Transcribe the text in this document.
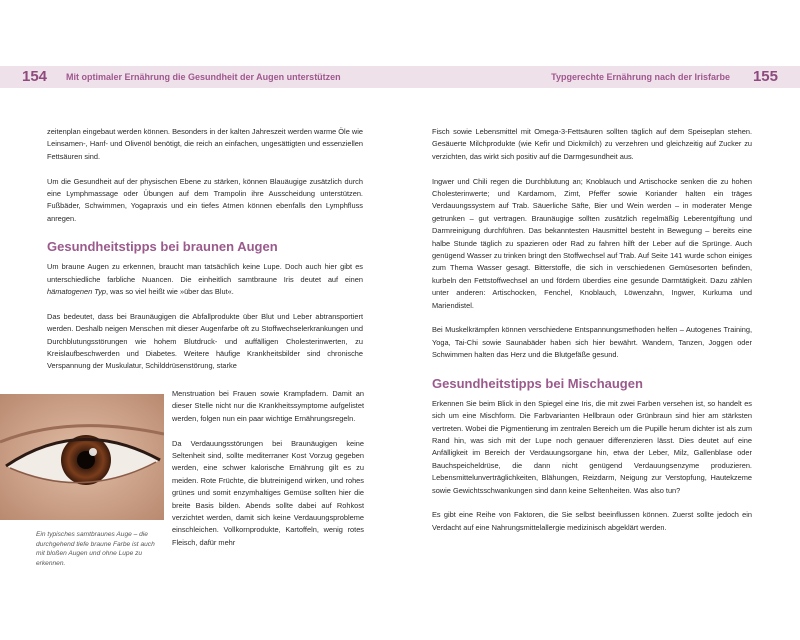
154 Mit optimaler Ernährung die Gesundheit der Augen unterstützen	Typgerechte Ernährung nach der Irisfarbe 155

zeitenplan eingebaut werden können. Besonders in der kalten Jahreszeit werden warme Öle wie Leinsamen-, Hanf- und Olivenöl benötigt, die reich an einfachen, ungesättigten und essenziellen Fettsäuren sind.

Um die Gesundheit auf der physischen Ebene zu stärken, können Blauäugige zusätzlich durch eine Lymphmassage oder Übungen auf dem Trampolin ihre Ausscheidung unterstützen. Fußbäder, Schwimmen, Yogapraxis und ein tiefes Atmen können ebenfalls den Lymphfluss anregen.

Gesundheitstipps bei braunen Augen

Um braune Augen zu erkennen, braucht man tatsächlich keine Lupe. Doch auch hier gibt es unterschiedliche farbliche Nuancen. Die einheitlich samtbraune Iris deutet auf einen hämatogenen Typ, was so viel heißt wie »über das Blut«.

Das bedeutet, dass bei Braunäugigen die Abfallprodukte über Blut und Leber abtransportiert werden. Deshalb neigen Menschen mit dieser Augenfarbe oft zu Stoffwechselerkrankungen und Durchblutungsstörungen wie hohem Blutdruck- und auffälligen Cholesterinwerten, zu Kreislaufbeschwerden und Diabetes. Weitere häufige Krankheitsbilder sind chronische Verspannung der Muskulatur, Schilddrüsenstörung, starke

Ein typisches samtbraunes Auge – die durchgehend tiefe braune Farbe ist auch mit bloßen Augen und ohne Lupe zu erkennen.

Menstruation bei Frauen sowie Krampfadern. Damit an dieser Stelle nicht nur die Krankheitssymptome aufgelistet werden, folgen nun ein paar wichtige Ernährungsregeln.

Da Verdauungsstörungen bei Braunäugigen keine Seltenheit sind, sollte mediterraner Kost Vorzug gegeben werden, eine schwer kalorische Ernährung gilt es zu meiden. Rote Früchte, die blutreinigend wirken, und rohes grünes und somit enzymhaltiges Gemüse sollten hier die breite Basis bilden. Abends sollte dabei auf Rohkost verzichtet werden, damit sich keine Verdauungsprobleme einschleichen. Vollkornprodukte, Kartoffeln, wenig rotes Fleisch, dafür mehr

Fisch sowie Lebensmittel mit Omega-3-Fettsäuren sollten täglich auf dem Speiseplan stehen. Gesäuerte Milchprodukte (wie Kefir und Dickmilch) zu verzehren und gleichzeitig auf Zucker zu verzichten, das wirkt sich positiv auf die Darmgesundheit aus.

Ingwer und Chili regen die Durchblutung an; Knoblauch und Artischocke senken die zu hohen Cholesterinwerte; und Kardamom, Zimt, Pfeffer sowie Koriander halten ein träges Verdauungssystem auf Trab. Säuerliche Säfte, Bier und Wein werden – in moderater Menge getrunken – gut vertragen. Braunäugige sollten zusätzlich regelmäßig Leberentgiftung und Darmreinigung durchführen. Das bekanntesten Hausmittel besteht in Bewegung – bereits eine halbe Stunde täglich zu spazieren oder Rad zu fahren hilft der Leber auf die Sprünge. Auch genügend Wasser zu trinken bringt den Stoffwechsel auf Trab. Auf Seite 141 wurde schon einiges zum Thema Wasser gesagt. Bitterstoffe, die sich in verschiedenen Gemüsesorten befinden, kurbeln den Fettstoffwechsel an und fördern überdies eine gesunde Darmtätigkeit. Dazu zählen unter anderen: Artischocken, Fenchel, Knoblauch, Löwenzahn, Ingwer, Kurkuma und Mariendistel.

Bei Muskelkrämpfen können verschiedene Entspannungsmethoden helfen – Autogenes Training, Yoga, Tai-Chi sowie Saunabäder haben sich hier bewährt. Wandern, Tanzen, Joggen oder Schwimmen halten das Herz und die Blutgefäße gesund.

Gesundheitstipps bei Mischaugen

Erkennen Sie beim Blick in den Spiegel eine Iris, die mit zwei Farben versehen ist, so handelt es sich um eine Mischform. Die Farbvarianten Hellbraun oder Grünbraun sind hier am stärksten vertreten. Wobei die Pigmentierung im zentralen Bereich um die Pupille herum dichter ist als zum Rand hin, was sich mit der Lupe noch genauer differenzieren lässt. Dies deutet auf eine Anfälligkeit im Bereich der Verdauungsorgane hin, etwa der Leber, Milz, Gallenblase oder Bauchspeicheldrüse, die dann nicht genügend Verdauungsenzyme produzieren. Lebensmittelunverträglichkeiten, Blähungen, Reizdarm, Neigung zur Verstopfung, Hautekzeme sowie Gewichtsschwankungen sind dann keine Seltenheiten. Was also tun?

Es gibt eine Reihe von Faktoren, die Sie selbst beeinflussen können. Zuerst sollte jedoch ein Verdacht auf eine Nahrungsmittelallergie medizinisch abgeklärt werden.
